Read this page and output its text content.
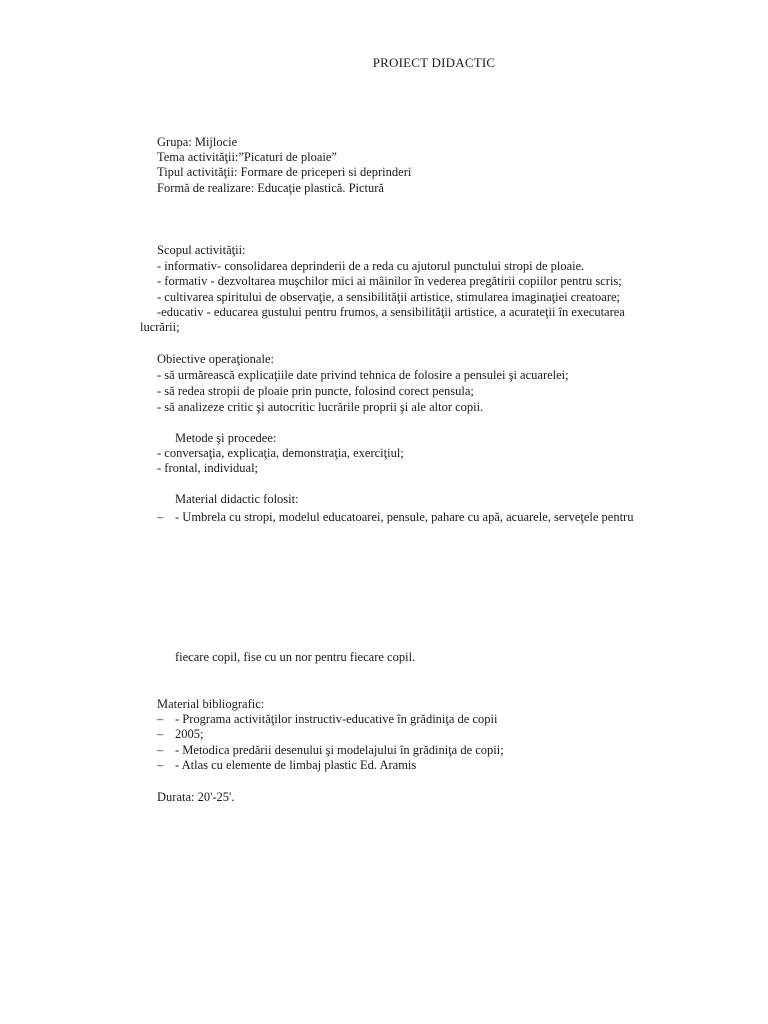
PROIECT DIDACTIC
Grupa: Mijlocie
Tema activităţii:”Picaturi de ploaie”
Tipul activităţii: Formare de priceperi si deprinderi
Formă de realizare: Educaţie plastică. Pictură
Scopul activităţii:
- informativ- consolidarea deprinderii de a reda cu ajutorul punctului stropi de ploaie.
- formativ - dezvoltarea muşchilor mici ai mâinilor în vederea pregătirii copiilor pentru scris;
- cultivarea spiritului de observaţie, a sensibilităţii artistice, stimularea imaginaţiei creatoare;
-educativ - educarea gustului pentru frumos, a sensibilităţii artistice, a acurateţii în executarea
lucrării;
Obiective operaţionale:
- să urmărească explicaţiile date privind tehnica de folosire a pensulei şi acuarelei;
- să redea stropii de ploaie prin puncte, folosind corect pensula;
- să analizeze critic şi autocritic lucrările proprii şi ale altor copii.
Metode şi procedee:
- conversaţia, explicaţia, demonstraţia, exerciţiul;
- frontal, individual;
Material didactic folosit:
– - Umbrela cu stropi, modelul educatoarei, pensule, pahare cu apă, acuarele, serveţele pentru
fiecare copil, fise cu un nor pentru fiecare copil.
Material bibliografic:
– - Programa activităţilor instructiv-educative în grădiniţa de copii
– 2005;
– - Metodica predării desenului şi modelajului în grădiniţa de copii;
– - Atlas cu elemente de limbaj plastic Ed. Aramis
Durata: 20'-25'.
